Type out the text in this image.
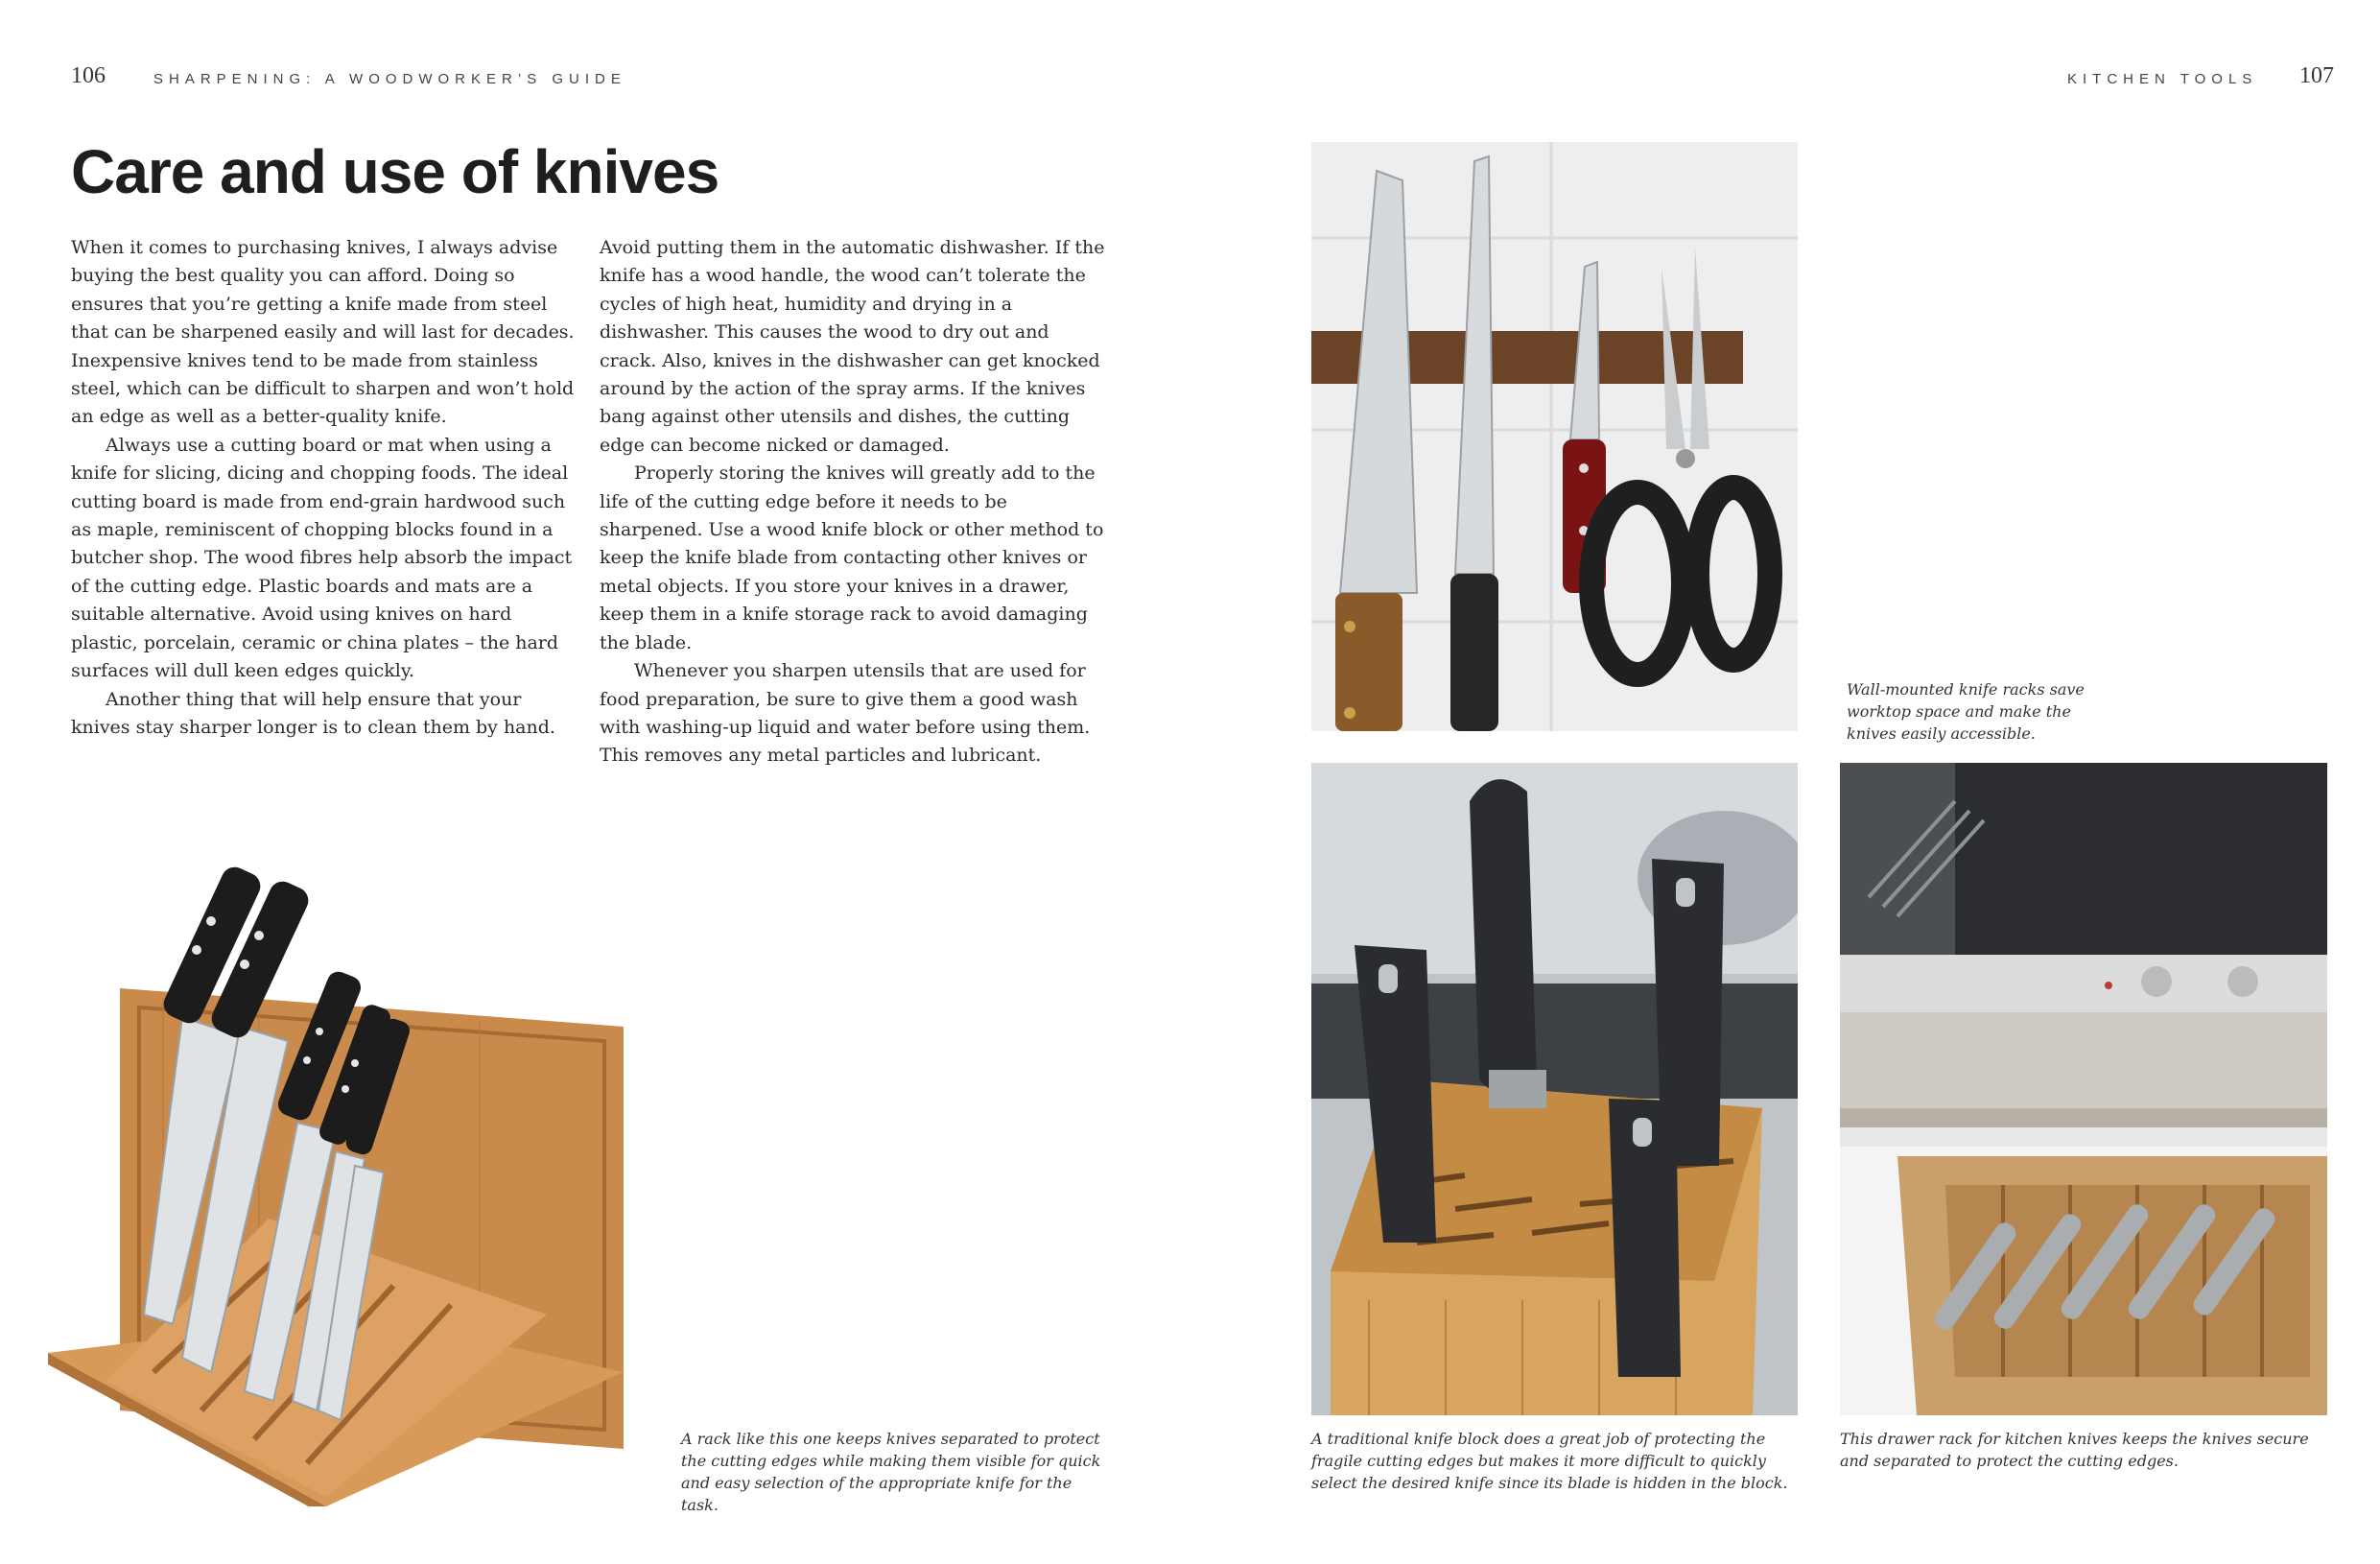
106	SHARPENING: A WOODWORKER’S GUIDE	KITCHEN TOOLS 107
Care and use of knives

When it comes to purchasing knives, I always advise buying the best quality you can afford. Doing so ensures that you’re getting a knife made from steel that can be sharpened easily and will last for decades. Inexpensive knives tend to be made from stainless steel, which can be difficult to sharpen and won’t hold an edge as well as a better-quality knife.

Always use a cutting board or mat when using a knife for slicing, dicing and chopping foods. The ideal cutting board is made from end-grain hardwood such as maple, reminiscent of chopping blocks found in a butcher shop. The wood fibres help absorb the impact of the cutting edge. Plastic boards and mats are a suitable alternative. Avoid using knives on hard plastic, porcelain, ceramic or china plates – the hard surfaces will dull keen edges quickly.

Another thing that will help ensure that your knives stay sharper longer is to clean them by hand.

Avoid putting them in the automatic dishwasher. If the knife has a wood handle, the wood can’t tolerate the cycles of high heat, humidity and drying in a dishwasher. This causes the wood to dry out and crack. Also, knives in the dishwasher can get knocked around by the action of the spray arms. If the knives bang against other utensils and dishes, the cutting edge can become nicked or damaged.

Properly storing the knives will greatly add to the life of the cutting edge before it needs to be sharpened. Use a wood knife block or other method to keep the knife blade from contacting other knives or metal objects. If you store your knives in a drawer, keep them in a knife storage rack to avoid damaging the blade.

Whenever you sharpen utensils that are used for food preparation, be sure to give them a good wash with washing-up liquid and water before using them. This removes any metal particles and lubricant.

A rack like this one keeps knives separated to protect the cutting edges while making them visible for quick and easy selection of the appropriate knife for the task.
Wall-mounted knife racks save worktop space and make the knives easily accessible.
A traditional knife block does a great job of protecting the fragile cutting edges but makes it more difficult to quickly select the desired knife since its blade is hidden in the block.
This drawer rack for kitchen knives keeps the knives secure and separated to protect the cutting edges.
